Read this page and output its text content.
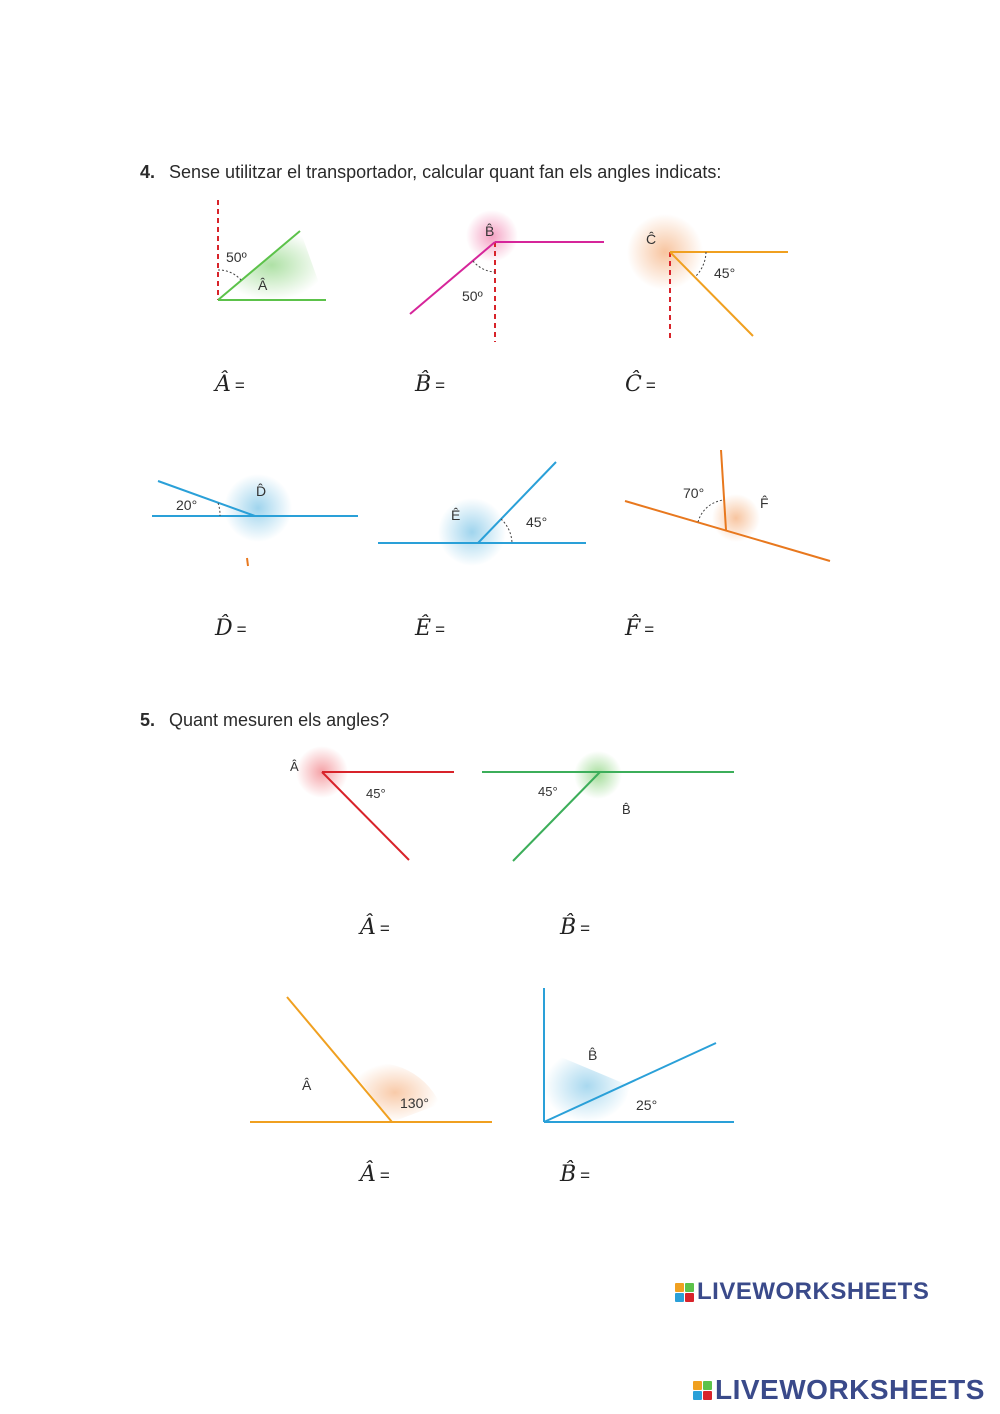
4. Sense utilitzar el transportador, calcular quant fan els angles indicats:
50º
Â
B̂
50º
Ĉ
45°
20°
D̂
Ê	45°
70°
F̂
Â
45°	45°
B̂
Â
130°
B̂
25°
Â =	B̂ =	Ĉ =
D̂ =	Ê =	F̂ =
5. Quant mesuren els angles?
Â =	B̂ =
Â =	B̂ =
LIVEWORKSHEETS
LIVEWORKSHEETS
